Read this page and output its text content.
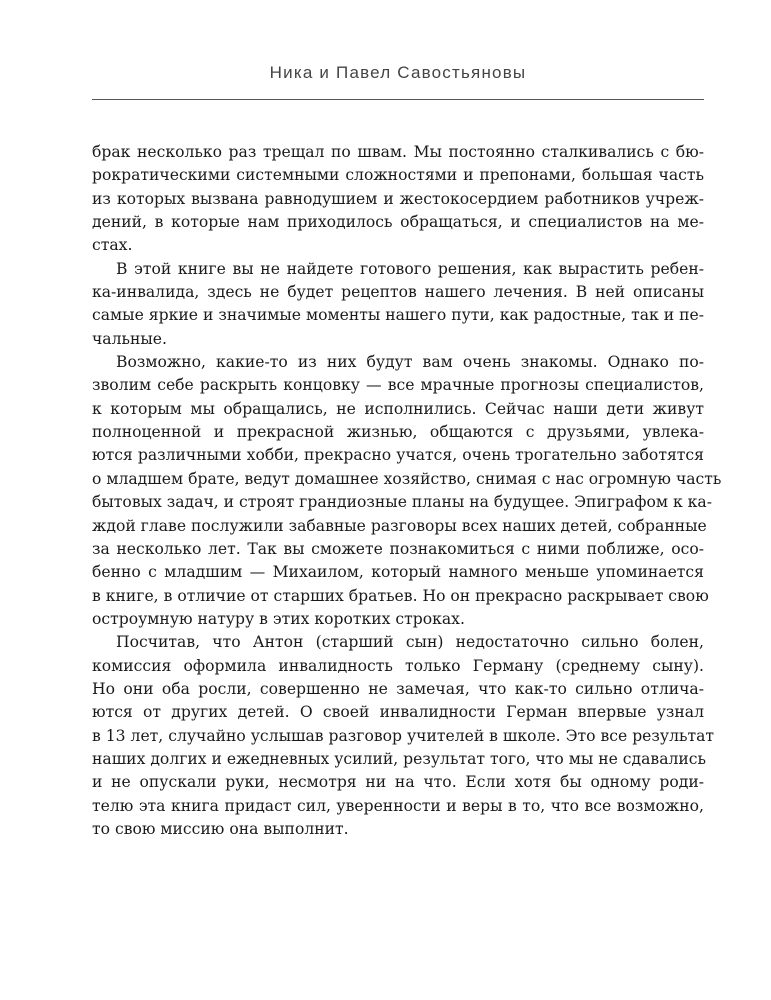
Ника и Павел Савостьяновы
брак несколько раз трещал по швам. Мы постоянно сталкивались с бю-
рократическими системными сложностями и препонами, большая часть
из которых вызвана равнодушием и жестокосердием работников учреж-
дений, в которые нам приходилось обращаться, и специалистов на ме-
стах.
В этой книге вы не найдете готового решения, как вырастить ребен-
ка-инвалида, здесь не будет рецептов нашего лечения. В ней описаны
самые яркие и значимые моменты нашего пути, как радостные, так и пе-
чальные.
Возможно, какие-то из них будут вам очень знакомы. Однако по-
зволим себе раскрыть концовку — все мрачные прогнозы специалистов,
к которым мы обращались, не исполнились. Сейчас наши дети живут
полноценной и прекрасной жизнью, общаются с друзьями, увлека-
ются различными хобби, прекрасно учатся, очень трогательно заботятся
о младшем брате, ведут домашнее хозяйство, снимая с нас огромную часть
бытовых задач, и строят грандиозные планы на будущее. Эпиграфом к ка-
ждой главе послужили забавные разговоры всех наших детей, собранные
за несколько лет. Так вы сможете познакомиться с ними поближе, осо-
бенно с младшим — Михаилом, который намного меньше упоминается
в книге, в отличие от старших братьев. Но он прекрасно раскрывает свою
остроумную натуру в этих коротких строках.
Посчитав, что Антон (старший сын) недостаточно сильно болен,
комиссия оформила инвалидность только Герману (среднему сыну).
Но они оба росли, совершенно не замечая, что как-то сильно отлича-
ются от других детей. О своей инвалидности Герман впервые узнал
в 13 лет, случайно услышав разговор учителей в школе. Это все результат
наших долгих и ежедневных усилий, результат того, что мы не сдавались
и не опускали руки, несмотря ни на что. Если хотя бы одному роди-
телю эта книга придаст сил, уверенности и веры в то, что все возможно,
то свою миссию она выполнит.
